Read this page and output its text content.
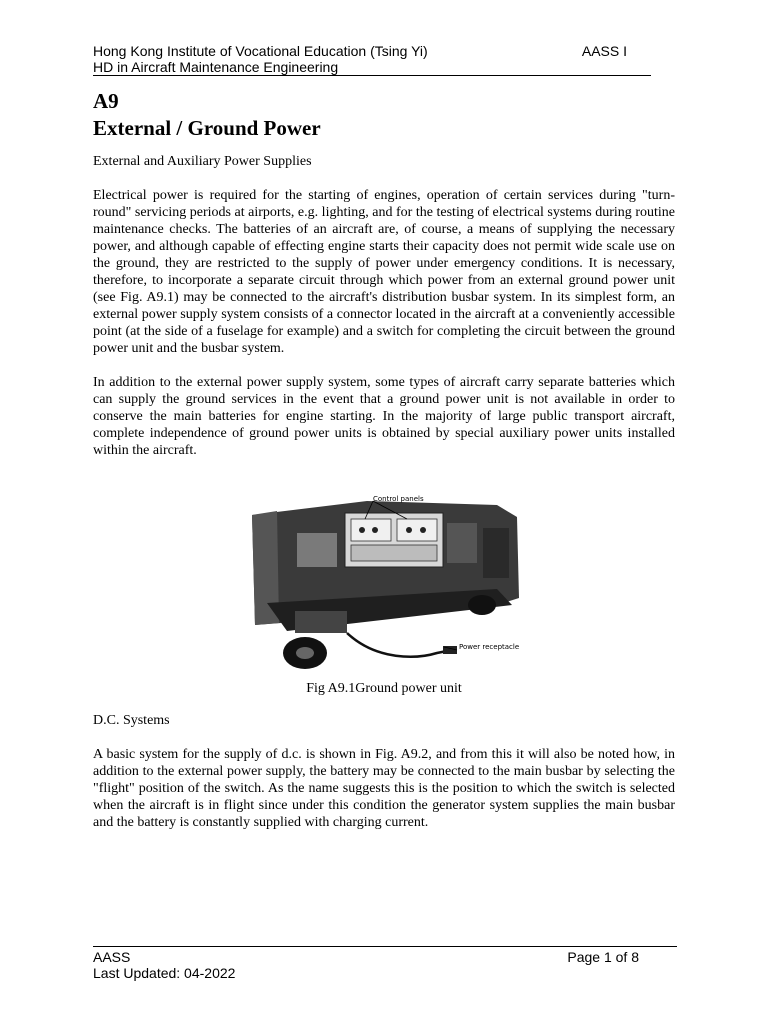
Hong Kong Institute of Vocational Education (Tsing Yi)	AASS I
HD in Aircraft Maintenance Engineering
A9
External / Ground Power

External and Auxiliary Power Supplies

Electrical power is required for the starting of engines, operation of certain services during "turn-round" servicing periods at airports, e.g. lighting, and for the testing of electrical systems during routine maintenance checks. The batteries of an aircraft are, of course, a means of supplying the necessary power, and although capable of effecting engine starts their capacity does not permit wide scale use on the ground, they are restricted to the supply of power under emergency conditions. It is necessary, therefore, to incorporate a separate circuit through which power from an external ground power unit (see Fig. A9.1) may be connected to the aircraft's distribution busbar system. In its simplest form, an external power supply system consists of a connector located in the aircraft at a conveniently accessible point (at the side of a fuselage for example) and a switch for completing the circuit between the ground power unit and the busbar system.

In addition to the external power supply system, some types of aircraft carry separate batteries which can supply the ground services in the event that a ground power unit is not available in order to conserve the main batteries for engine starting. In the majority of large public transport aircraft, complete independence of ground power units is obtained by special auxiliary power units installed within the aircraft.

Control panels
Power receptacle
Fig A9.1Ground power unit

D.C. Systems

A basic system for the supply of d.c. is shown in Fig. A9.2, and from this it will also be noted how, in addition to the external power supply, the battery may be connected to the main busbar by selecting the "flight" position of the switch. As the name suggests this is the position to which the switch is selected when the aircraft is in flight since under this condition the generator system supplies the main busbar and the battery is constantly supplied with charging current.

AASS	Page 1 of 8
Last Updated: 04-2022
